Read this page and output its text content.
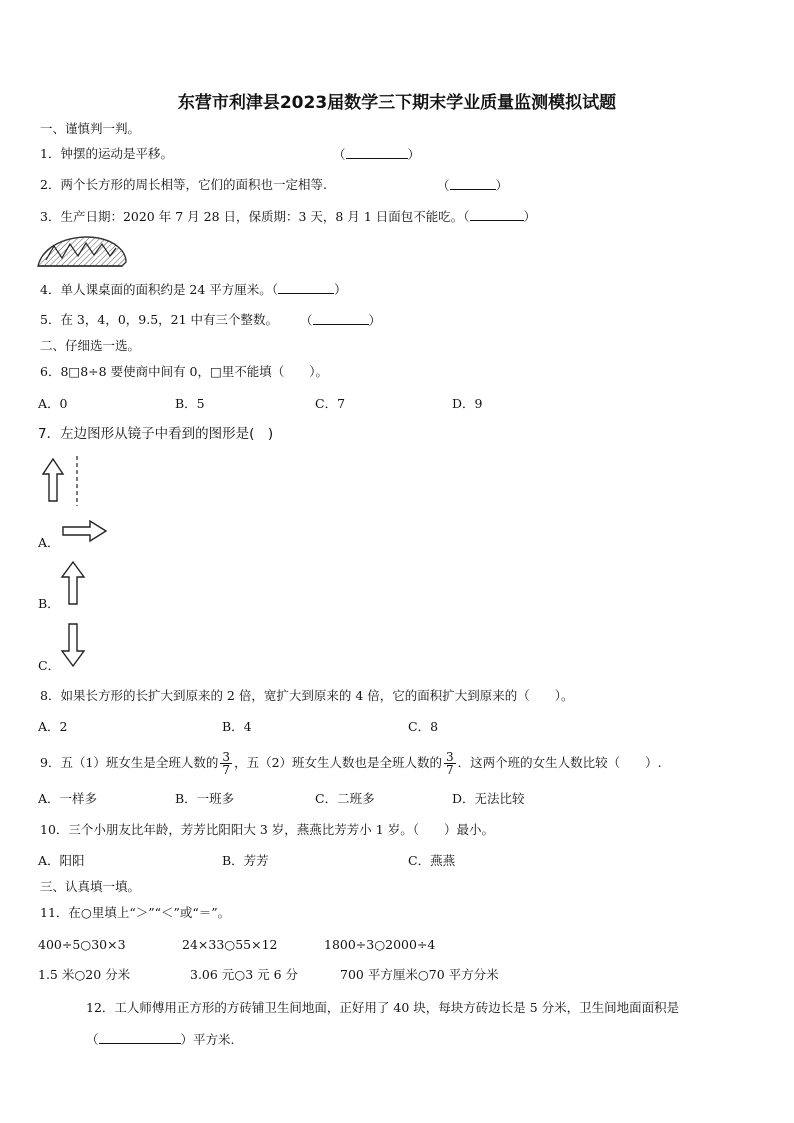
东营市利津县2023届数学三下期末学业质量监测模拟试题
一、谨慎判一判。
1．钟摆的运动是平移。	（	）
2．两个长方形的周长相等，它们的面积也一定相等.	（	）
3．生产日期：2020 年 7 月 28 日，保质期：3 天，8 月 1 日面包不能吃。（	）
4．单人课桌面的面积约是 24 平方厘米。（	）
5．在 3，4，0，9.5，21 中有三个整数。 （	）
二、仔细选一选。
6．8□8÷8 要使商中间有 0，□里不能填（　　）。
A．0	B．5	C．7	D．9
7．左边图形从镜子中看到的图形是(　)
A．
B．
C．
8．如果长方形的长扩大到原来的 2 倍，宽扩大到原来的 4 倍，它的面积扩大到原来的（　　）。
A．2	B．4	C．8
9．五（1）班女生是全班人数的 $\frac{3}{7}$ ，五（2）班女生人数也是全班人数的 $\frac{3}{7}$ ．这两个班的女生人数比较（　　）.
A．一样多	B．一班多	C．二班多	D．无法比较
10．三个小朋友比年龄，芳芳比阳阳大 3 岁，燕燕比芳芳小 1 岁。（　　）最小。
A．阳阳	B．芳芳	C．燕燕
三、认真填一填。
11．在○里填上“＞”“＜”或“＝”。
400÷5○30×3	24×33○55×12	1800÷3○2000÷4
1.5 米○20 分米	3.06 元○3 元 6 分	700 平方厘米○70 平方分米
12．工人师傅用正方形的方砖铺卫生间地面，正好用了 40 块，每块方砖边长是 5 分米，卫生间地面面积是
（	）平方米.
